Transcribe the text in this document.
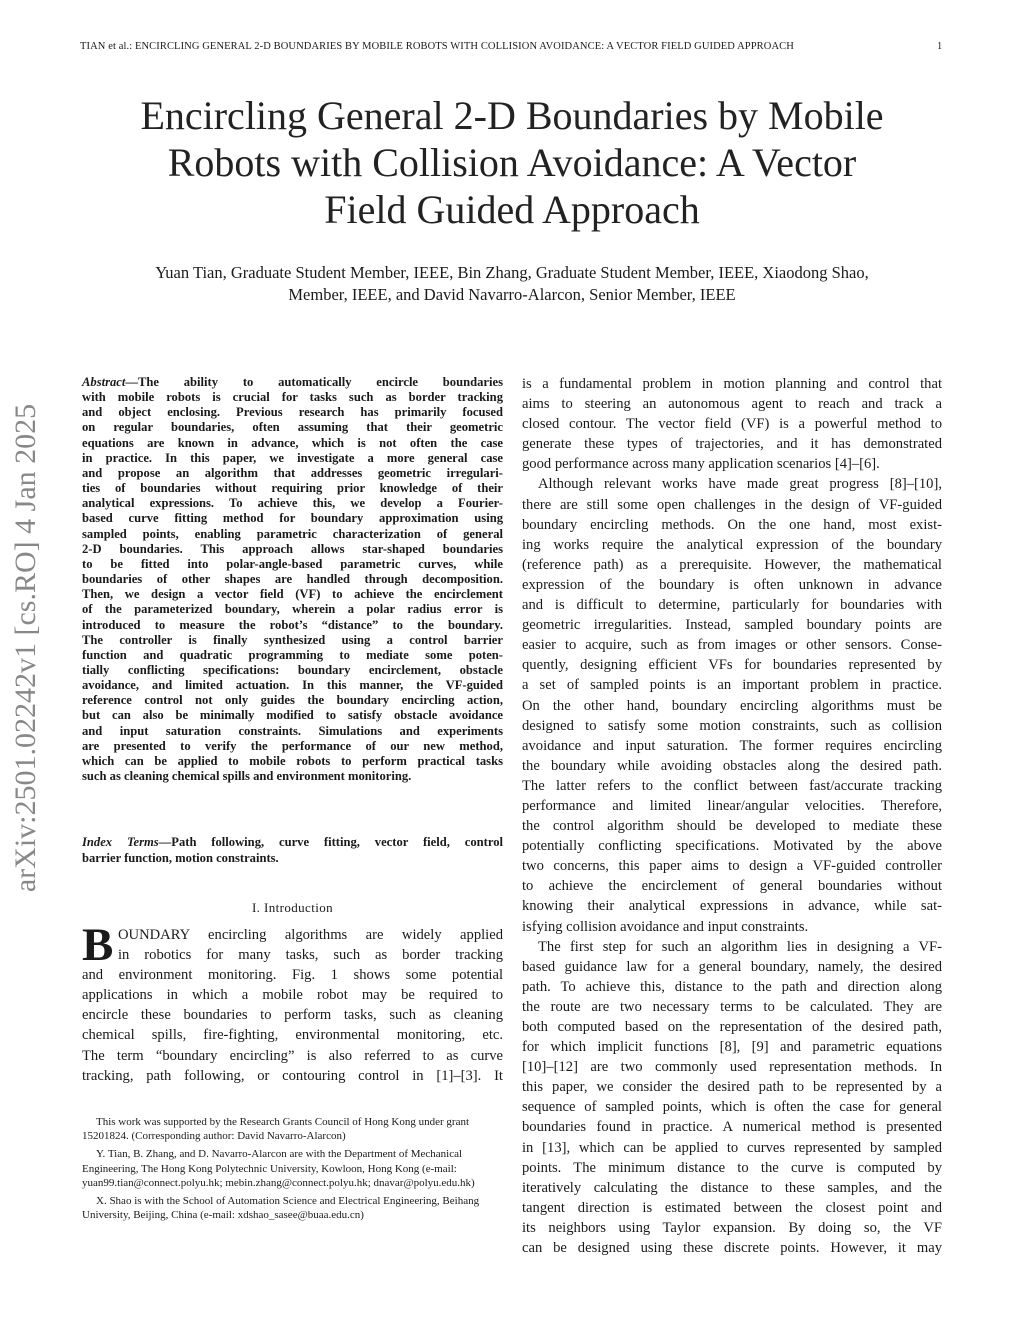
TIAN et al.: ENCIRCLING GENERAL 2-D BOUNDARIES BY MOBILE ROBOTS WITH COLLISION AVOIDANCE: A VECTOR FIELD GUIDED APPROACH	1
Encircling General 2-D Boundaries by Mobile
Robots with Collision Avoidance: A Vector
Field Guided Approach
Yuan Tian, Graduate Student Member, IEEE, Bin Zhang, Graduate Student Member, IEEE, Xiaodong Shao,
Member, IEEE, and David Navarro-Alarcon, Senior Member, IEEE
arXiv:2501.02242v1 [cs.RO] 4 Jan 2025
Abstract—The ability to automatically encircle boundaries
with mobile robots is crucial for tasks such as border tracking
and object enclosing. Previous research has primarily focused
on regular boundaries, often assuming that their geometric
equations are known in advance, which is not often the case
in practice. In this paper, we investigate a more general case
and propose an algorithm that addresses geometric irregulari-
ties of boundaries without requiring prior knowledge of their
analytical expressions. To achieve this, we develop a Fourier-
based curve fitting method for boundary approximation using
sampled points, enabling parametric characterization of general
2-D boundaries. This approach allows star-shaped boundaries
to be fitted into polar-angle-based parametric curves, while
boundaries of other shapes are handled through decomposition.
Then, we design a vector field (VF) to achieve the encirclement
of the parameterized boundary, wherein a polar radius error is
introduced to measure the robot’s “distance” to the boundary.
The controller is finally synthesized using a control barrier
function and quadratic programming to mediate some poten-
tially conflicting specifications: boundary encirclement, obstacle
avoidance, and limited actuation. In this manner, the VF-guided
reference control not only guides the boundary encircling action,
but can also be minimally modified to satisfy obstacle avoidance
and input saturation constraints. Simulations and experiments
are presented to verify the performance of our new method,
which can be applied to mobile robots to perform practical tasks
such as cleaning chemical spills and environment monitoring.
Index Terms—Path following, curve fitting, vector field, control
barrier function, motion constraints.
I. Introduction
B OUNDARY encircling algorithms are widely applied
in robotics for many tasks, such as border tracking
and environment monitoring. Fig. 1 shows some potential
applications in which a mobile robot may be required to
encircle these boundaries to perform tasks, such as cleaning
chemical spills, fire-fighting, environmental monitoring, etc.
The term “boundary encircling” is also referred to as curve
tracking, path following, or contouring control in [1]–[3]. It

This work was supported by the Research Grants Council of Hong Kong under grant 15201824. (Corresponding author: David Navarro-Alarcon)

Y. Tian, B. Zhang, and D. Navarro-Alarcon are with the Department of Mechanical Engineering, The Hong Kong Polytechnic University, Kowloon, Hong Kong (e-mail: yuan99.tian@connect.polyu.hk; mebin.zhang@connect.polyu.hk; dnavar@polyu.edu.hk)

X. Shao is with the School of Automation Science and Electrical Engineering, Beihang University, Beijing, China (e-mail: xdshao_sasee@buaa.edu.cn)

is a fundamental problem in motion planning and control that
aims to steering an autonomous agent to reach and track a
closed contour. The vector field (VF) is a powerful method to
generate these types of trajectories, and it has demonstrated
good performance across many application scenarios [4]–[6].
Although relevant works have made great progress [8]–[10],
there are still some open challenges in the design of VF-guided
boundary encircling methods. On the one hand, most exist-
ing works require the analytical expression of the boundary
(reference path) as a prerequisite. However, the mathematical
expression of the boundary is often unknown in advance
and is difficult to determine, particularly for boundaries with
geometric irregularities. Instead, sampled boundary points are
easier to acquire, such as from images or other sensors. Conse-
quently, designing efficient VFs for boundaries represented by
a set of sampled points is an important problem in practice.
On the other hand, boundary encircling algorithms must be
designed to satisfy some motion constraints, such as collision
avoidance and input saturation. The former requires encircling
the boundary while avoiding obstacles along the desired path.
The latter refers to the conflict between fast/accurate tracking
performance and limited linear/angular velocities. Therefore,
the control algorithm should be developed to mediate these
potentially conflicting specifications. Motivated by the above
two concerns, this paper aims to design a VF-guided controller
to achieve the encirclement of general boundaries without
knowing their analytical expressions in advance, while sat-
isfying collision avoidance and input constraints.
The first step for such an algorithm lies in designing a VF-
based guidance law for a general boundary, namely, the desired
path. To achieve this, distance to the path and direction along
the route are two necessary terms to be calculated. They are
both computed based on the representation of the desired path,
for which implicit functions [8], [9] and parametric equations
[10]–[12] are two commonly used representation methods. In
this paper, we consider the desired path to be represented by a
sequence of sampled points, which is often the case for general
boundaries found in practice. A numerical method is presented
in [13], which can be applied to curves represented by sampled
points. The minimum distance to the curve is computed by
iteratively calculating the distance to these samples, and the
tangent direction is estimated between the closest point and
its neighbors using Taylor expansion. By doing so, the VF
can be designed using these discrete points. However, it may
